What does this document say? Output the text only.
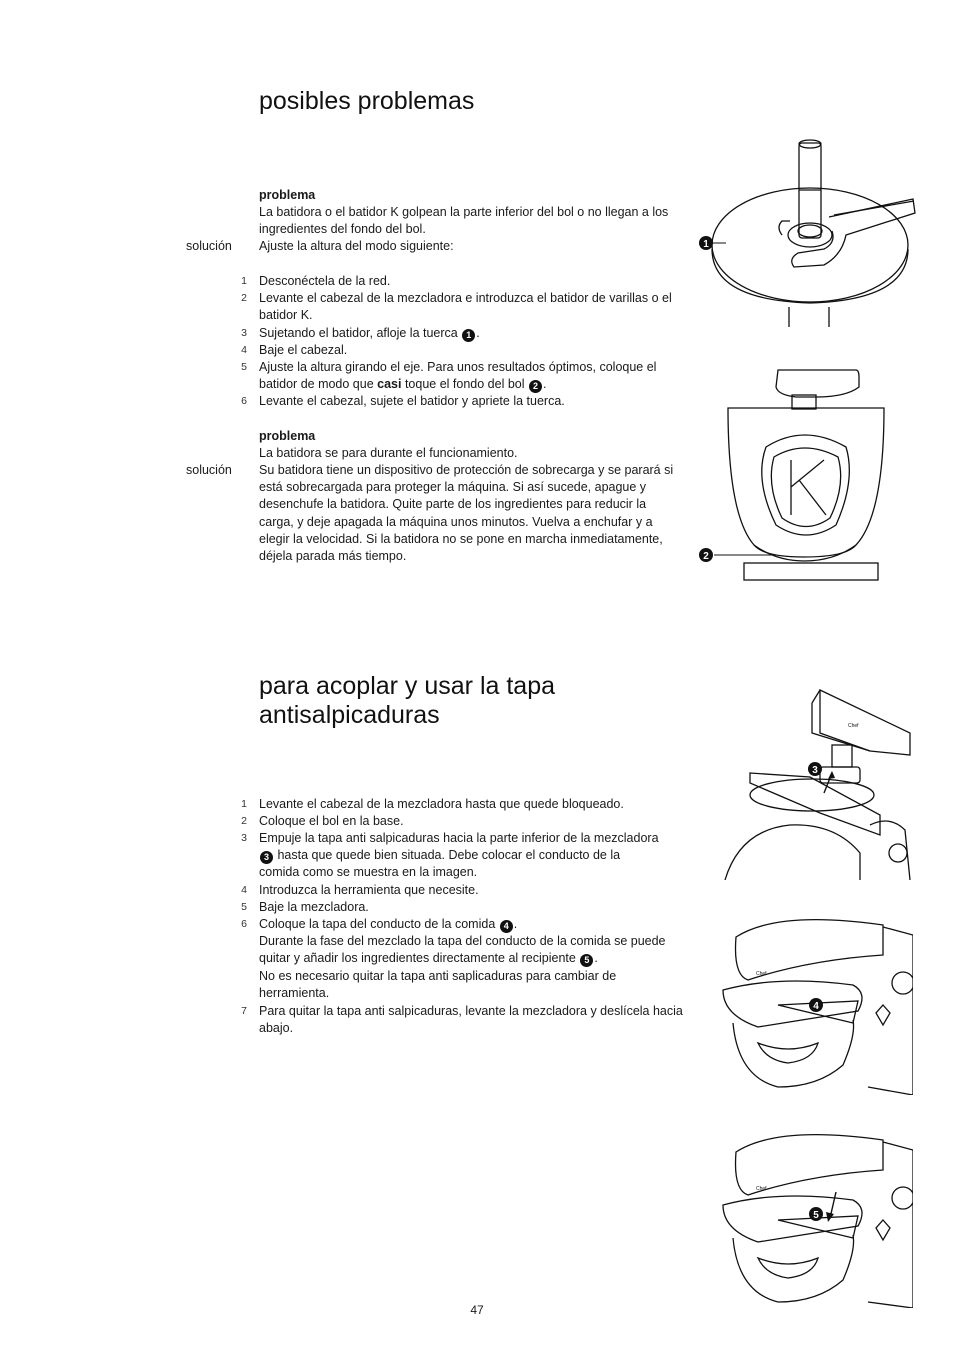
posibles problemas
problema
La batidora o el batidor K golpean la parte inferior del bol o no llegan a los ingredientes del fondo del bol.
solución Ajuste la altura del modo siguiente:
1 Desconéctela de la red.
2 Levante el cabezal de la mezcladora e introduzca el batidor de varillas o el batidor K.
3 Sujetando el batidor, afloje la tuerca 1 .
4 Baje el cabezal.
5 Ajuste la altura girando el eje. Para unos resultados óptimos, coloque el batidor de modo que casi toque el fondo del bol 2 .
6 Levante el cabezal, sujete el batidor y apriete la tuerca.
problema
La batidora se para durante el funcionamiento.
solución Su batidora tiene un dispositivo de protección de sobrecarga y se parará si está sobrecargada para proteger la máquina. Si así sucede, apague y desenchufe la batidora. Quite parte de los ingredientes para reducir la carga, y deje apagada la máquina unos minutos. Vuelva a enchufar y a elegir la velocidad. Si la batidora no se pone en marcha inmediatamente, déjela parada más tiempo.
1
2
para acoplar y usar la tapa
antisalpicaduras
1 Levante el cabezal de la mezcladora hasta que quede bloqueado.
2 Coloque el bol en la base.
3 Empuje la tapa anti salpicaduras hacia la parte inferior de la mezcladora 3 hasta que quede bien situada. Debe colocar el conducto de la comida como se muestra en la imagen.
4 Introduzca la herramienta que necesite.
5 Baje la mezcladora.
6 Coloque la tapa del conducto de la comida 4 .
Durante la fase del mezclado la tapa del conducto de la comida se puede quitar y añadir los ingredientes directamente al recipiente 5 .
No es necesario quitar la tapa anti saplicaduras para cambiar de herramienta.
7 Para quitar la tapa anti salpicaduras, levante la mezcladora y deslícela hacia abajo.
Chef
3
Chef
4
Chef
5
47
